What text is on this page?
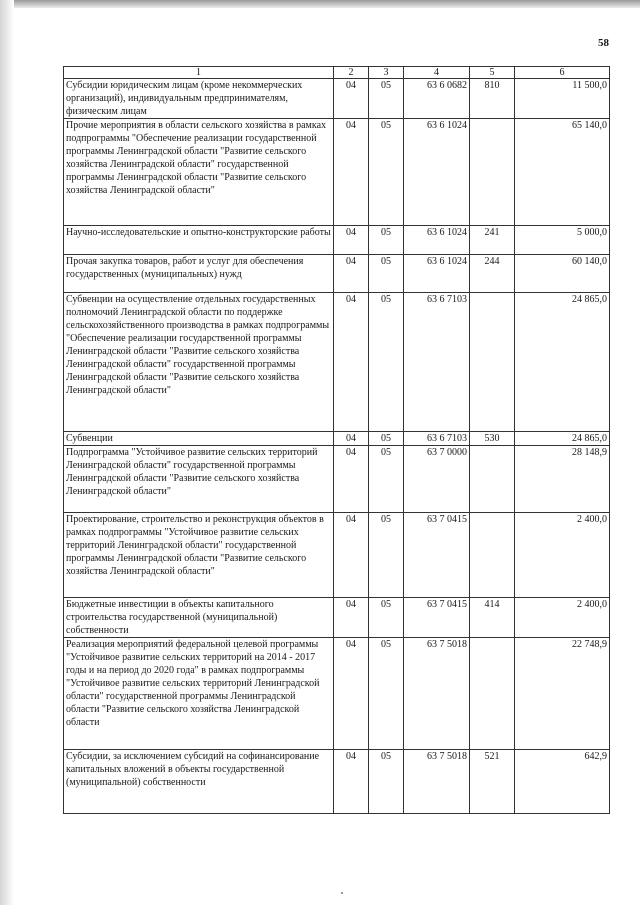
58
1	2	3	4	5	6
Субсидии юридическим лицам (кроме некоммерческих организаций), индивидуальным предпринимателям, физическим лицам	04	05	63 6 0682	810	11 500,0
Прочие мероприятия в области сельского хозяйства в рамках подпрограммы "Обеспечение реализации государственной программы Ленинградской области "Развитие сельского хозяйства Ленинградской области" государственной программы Ленинградской области "Развитие сельского хозяйства Ленинградской области"	04	05	63 6 1024		65 140,0
Научно-исследовательские и опытно-конструкторские работы	04	05	63 6 1024	241	5 000,0
Прочая закупка товаров, работ и услуг для обеспечения государственных (муниципальных) нужд	04	05	63 6 1024	244	60 140,0
Субвенции на осуществление отдельных государственных полномочий Ленинградской области по поддержке сельскохозяйственного производства в рамках подпрограммы "Обеспечение реализации государственной программы Ленинградской области "Развитие сельского хозяйства Ленинградской области" государственной программы Ленинградской области "Развитие сельского хозяйства Ленинградской области"	04	05	63 6 7103		24 865,0
Субвенции	04	05	63 6 7103	530	24 865,0
Подпрограмма "Устойчивое развитие сельских территорий Ленинградской области" государственной программы Ленинградской области "Развитие сельского хозяйства Ленинградской области"	04	05	63 7 0000		28 148,9
Проектирование, строительство и реконструкция объектов в рамках подпрограммы "Устойчивое развитие сельских территорий Ленинградской области" государственной программы Ленинградской области "Развитие сельского хозяйства Ленинградской области"	04	05	63 7 0415		2 400,0
Бюджетные инвестиции в объекты капитального строительства государственной (муниципальной) собственности	04	05	63 7 0415	414	2 400,0
Реализация мероприятий федеральной целевой программы "Устойчивое развитие сельских территорий на 2014 - 2017 годы и на период до 2020 года" в рамках подпрограммы "Устойчивое развитие сельских территорий Ленинградской области" государственной программы Ленинградской области "Развитие сельского хозяйства Ленинградской области	04	05	63 7 5018		22 748,9
Субсидии, за исключением субсидий на софинансирование капитальных вложений в объекты государственной (муниципальной) собственности	04	05	63 7 5018	521	642,9
